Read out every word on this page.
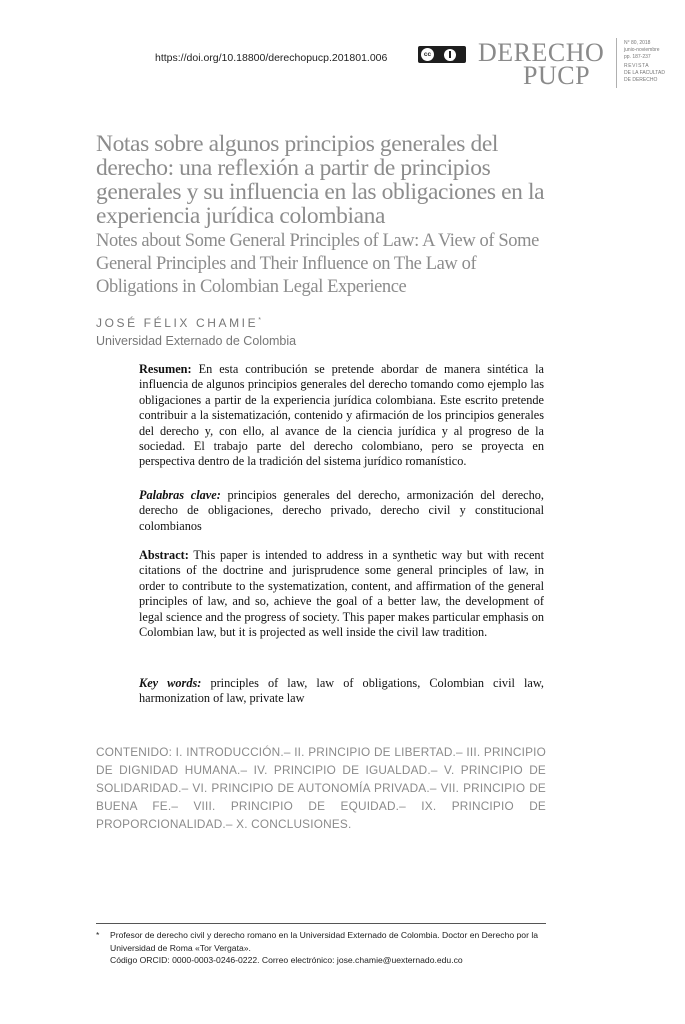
https://doi.org/10.18800/derechopucp.201801.006	cc
BY DERECHO
PUCP
N° 80, 2018
junio-noviembre
pp. 187-237
REVISTA
DE LA FACULTAD
DE DERECHO
Notas sobre algunos principios generales del derecho: una reflexión a partir de principios generales y su influencia en las obligaciones en la experiencia jurídica colombiana
Notes about Some General Principles of Law: A View of Some General Principles and Their Influence on The Law of Obligations in Colombian Legal Experience
JOSÉ FÉLIX CHAMIE*
Universidad Externado de Colombia
Resumen: En esta contribución se pretende abordar de manera sintética la influencia de algunos principios generales del derecho tomando como ejemplo las obligaciones a partir de la experiencia jurídica colombiana. Este escrito pretende contribuir a la sistematización, contenido y afirmación de los principios generales del derecho y, con ello, al avance de la ciencia jurídica y al progreso de la sociedad. El trabajo parte del derecho colombiano, pero se proyecta en perspectiva dentro de la tradición del sistema jurídico romanístico.
Palabras clave: principios generales del derecho, armonización del derecho, derecho de obligaciones, derecho privado, derecho civil y constitucional colombianos
Abstract: This paper is intended to address in a synthetic way but with recent citations of the doctrine and jurisprudence some general principles of law, in order to contribute to the systematization, content, and affirmation of the general principles of law, and so, achieve the goal of a better law, the development of legal science and the progress of society. This paper makes particular emphasis on Colombian law, but it is projected as well inside the civil law tradition.
Key words: principles of law, law of obligations, Colombian civil law, harmonization of law, private law
CONTENIDO: I. INTRODUCCIÓN.– II. PRINCIPIO DE LIBERTAD.– III. PRINCIPIO DE DIGNIDAD HUMANA.– IV. PRINCIPIO DE IGUALDAD.– V. PRINCIPIO DE SOLIDARIDAD.– VI. PRINCIPIO DE AUTONOMÍA PRIVADA.– VII. PRINCIPIO DE BUENA FE.– VIII. PRINCIPIO DE EQUIDAD.– IX. PRINCIPIO DE PROPORCIONALIDAD.– X. CONCLUSIONES.
* Profesor de derecho civil y derecho romano en la Universidad Externado de Colombia. Doctor en Derecho por la Universidad de Roma «Tor Vergata».
Código ORCID: 0000-0003-0246-0222. Correo electrónico: jose.chamie@uexternado.edu.co
